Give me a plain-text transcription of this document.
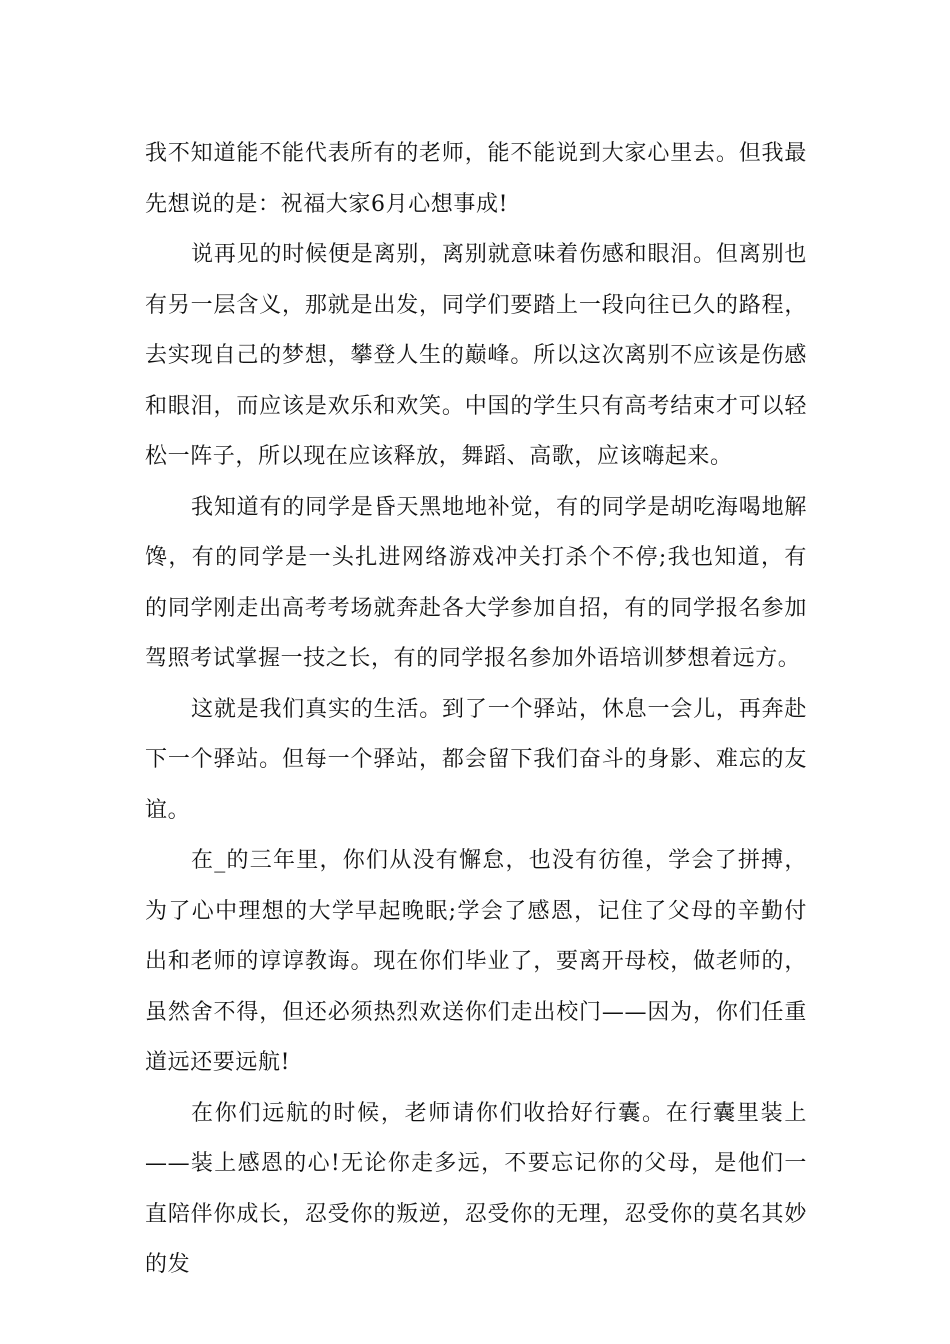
我不知道能不能代表所有的老师，能不能说到大家心里去。但我最先想说的是：祝福大家6月心想事成!

说再见的时候便是离别，离别就意味着伤感和眼泪。但离别也有另一层含义，那就是出发，同学们要踏上一段向往已久的路程，去实现自己的梦想，攀登人生的巅峰。所以这次离别不应该是伤感和眼泪，而应该是欢乐和欢笑。中国的学生只有高考结束才可以轻松一阵子，所以现在应该释放，舞蹈、高歌，应该嗨起来。

我知道有的同学是昏天黑地地补觉，有的同学是胡吃海喝地解馋，有的同学是一头扎进网络游戏冲关打杀个不停;我也知道，有的同学刚走出高考考场就奔赴各大学参加自招，有的同学报名参加驾照考试掌握一技之长，有的同学报名参加外语培训梦想着远方。

这就是我们真实的生活。到了一个驿站，休息一会儿，再奔赴下一个驿站。但每一个驿站，都会留下我们奋斗的身影、难忘的友谊。

在_的三年里，你们从没有懈怠，也没有彷徨，学会了拼搏，为了心中理想的大学早起晚眠;学会了感恩，记住了父母的辛勤付出和老师的谆谆教诲。现在你们毕业了，要离开母校，做老师的，虽然舍不得，但还必须热烈欢送你们走出校门——因为，你们任重道远还要远航!

在你们远航的时候，老师请你们收拾好行囊。在行囊里装上——装上感恩的心!无论你走多远，不要忘记你的父母，是他们一直陪伴你成长，忍受你的叛逆，忍受你的无理，忍受你的莫名其妙的发
